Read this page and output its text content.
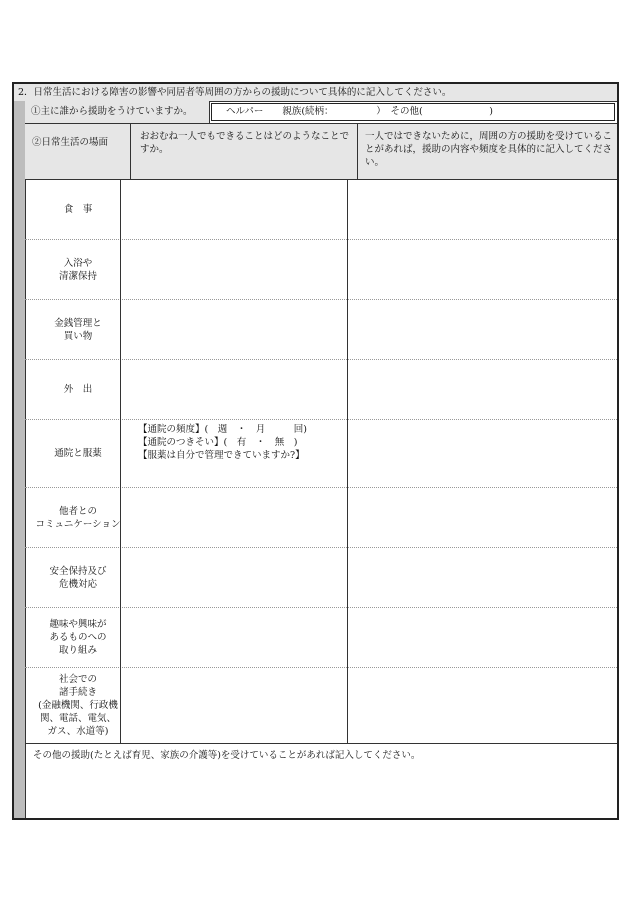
2．日常生活における障害の影響や同居者等周囲の方からの援助について具体的に記入してください。
①主に誰から援助をうけていますか。	ヘルパー　　親族(続柄：　　　　　）　その他(　　　　　　　)
②日常生活の場面
おおむね一人でもできることはどのようなことですか。
一人ではできないために，周囲の方の援助を受けていることがあれば，援助の内容や頻度を具体的に記入してください。
食　事
入浴や
清潔保持
金銭管理と
買い物
外　出
通院と服薬
【通院の頻度】(　週　・　月　　　回)
【通院のつきそい】(　有　・　無　)
【服薬は自分で管理できていますか?】
他者との
コミュニケーション
安全保持及び
危機対応
趣味や興味が
あるものへの
取り組み
社会での
諸手続き
(金融機関、行政機
関、電話、電気、
ガス、水道等)
その他の援助(たとえば育児、家族の介護等)を受けていることがあれば記入してください。
